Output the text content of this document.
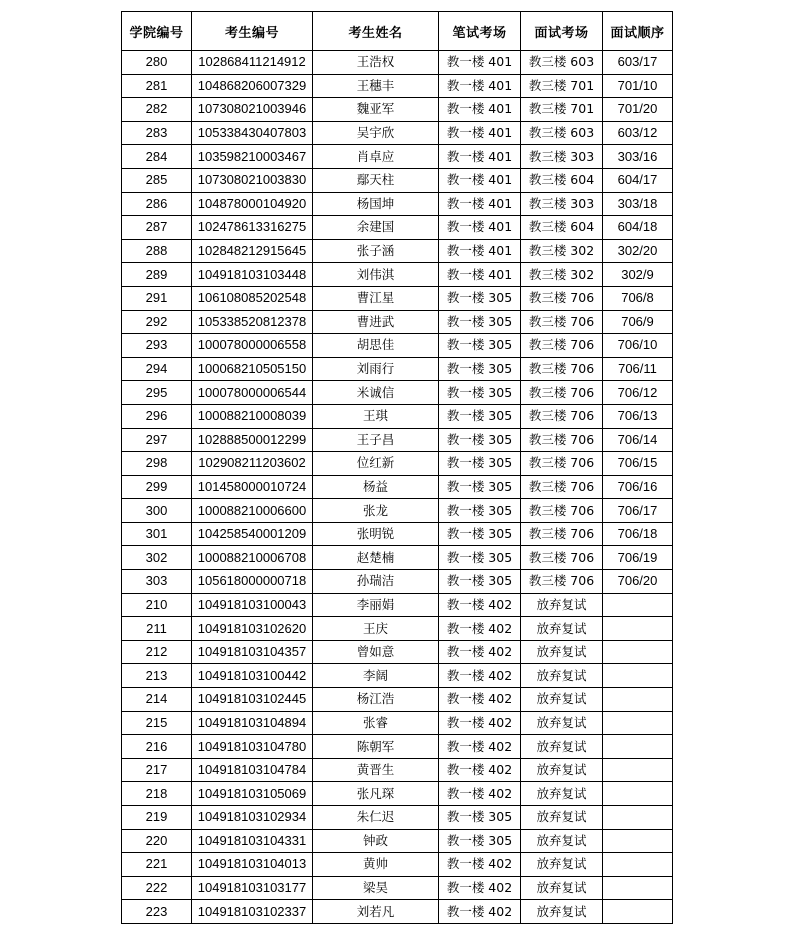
学院编号	考生编号	考生姓名	笔试考场	面试考场	面试顺序
280	102868411214912	王浩权	教一楼 401	教三楼 603	603/17
281	104868206007329	王穗丰	教一楼 401	教三楼 701	701/10
282	107308021003946	魏亚军	教一楼 401	教三楼 701	701/20
283	105338430407803	吴宇欣	教一楼 401	教三楼 603	603/12
284	103598210003467	肖卓应	教一楼 401	教三楼 303	303/16
285	107308021003830	鄢天柱	教一楼 401	教三楼 604	604/17
286	104878000104920	杨国坤	教一楼 401	教三楼 303	303/18
287	102478613316275	余建国	教一楼 401	教三楼 604	604/18
288	102848212915645	张子涵	教一楼 401	教三楼 302	302/20
289	104918103103448	刘伟淇	教一楼 401	教三楼 302	302/9
291	106108085202548	曹江星	教一楼 305	教三楼 706	706/8
292	105338520812378	曹进武	教一楼 305	教三楼 706	706/9
293	100078000006558	胡思佳	教一楼 305	教三楼 706	706/10
294	100068210505150	刘雨行	教一楼 305	教三楼 706	706/11
295	100078000006544	米诚信	教一楼 305	教三楼 706	706/12
296	100088210008039	王琪	教一楼 305	教三楼 706	706/13
297	102888500012299	王子昌	教一楼 305	教三楼 706	706/14
298	102908211203602	位红新	教一楼 305	教三楼 706	706/15
299	101458000010724	杨益	教一楼 305	教三楼 706	706/16
300	100088210006600	张龙	教一楼 305	教三楼 706	706/17
301	104258540001209	张明锐	教一楼 305	教三楼 706	706/18
302	100088210006708	赵楚楠	教一楼 305	教三楼 706	706/19
303	105618000000718	孙瑞洁	教一楼 305	教三楼 706	706/20
210	104918103100043	李丽娟	教一楼 402	放弃复试	
211	104918103102620	王庆	教一楼 402	放弃复试	
212	104918103104357	曾如意	教一楼 402	放弃复试	
213	104918103100442	李阔	教一楼 402	放弃复试	
214	104918103102445	杨江浩	教一楼 402	放弃复试	
215	104918103104894	张睿	教一楼 402	放弃复试	
216	104918103104780	陈朝军	教一楼 402	放弃复试	
217	104918103104784	黄晋生	教一楼 402	放弃复试	
218	104918103105069	张凡琛	教一楼 402	放弃复试	
219	104918103102934	朱仁迟	教一楼 305	放弃复试	
220	104918103104331	钟政	教一楼 305	放弃复试	
221	104918103104013	黄帅	教一楼 402	放弃复试	
222	104918103103177	梁昊	教一楼 402	放弃复试	
223	104918103102337	刘若凡	教一楼 402	放弃复试	
